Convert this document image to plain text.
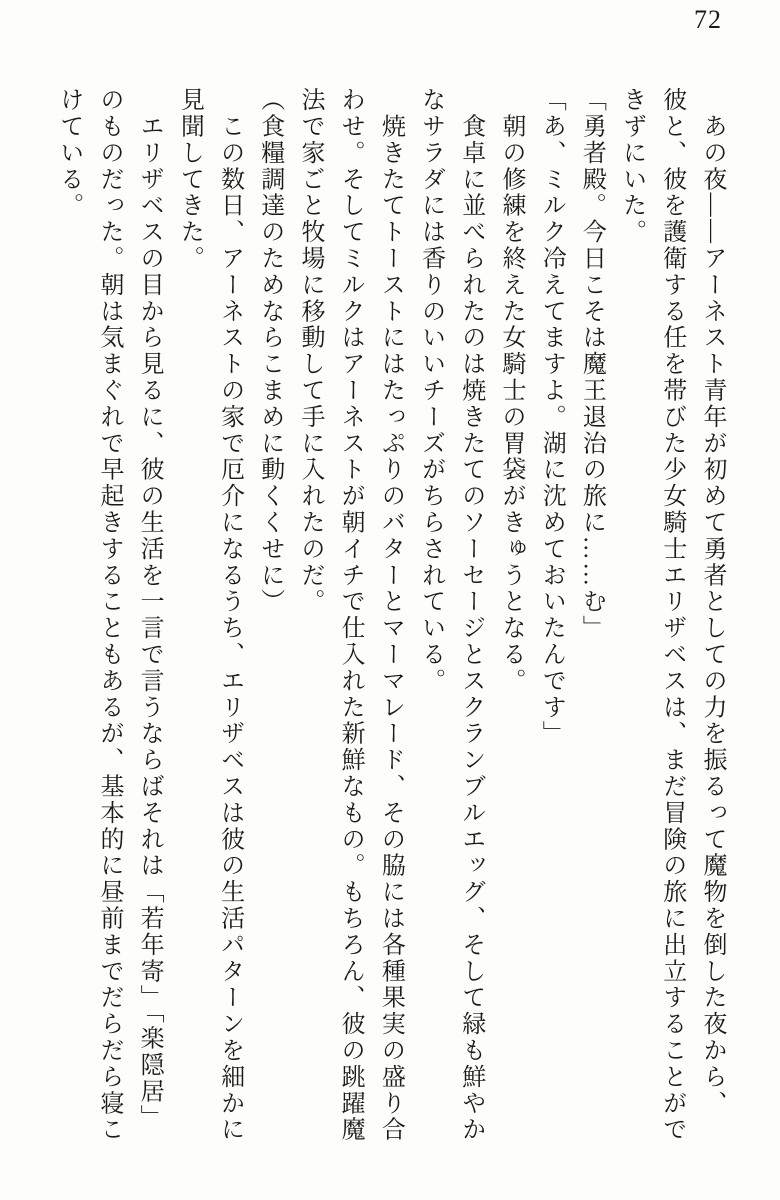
72
　あの夜――アーネスト青年が初めて勇者としての力を振るって魔物を倒した夜から、
彼と、彼を護衛する任を帯びた少女騎士エリザベスは、まだ冒険の旅に出立することがで
きずにいた。
「勇者殿。今日こそは魔王退治の旅に……む」
「あ、ミルク冷えてますよ。湖に沈めておいたんです」
　朝の修練を終えた女騎士の胃袋がきゅうとなる。
　食卓に並べられたのは焼きたてのソーセージとスクランブルエッグ、そして緑も鮮やか
なサラダには香りのいいチーズがちらされている。
　焼きたてトーストにはたっぷりのバターとマーマレード、その脇には各種果実の盛り合
わせ。そしてミルクはアーネストが朝イチで仕入れた新鮮なもの。もちろん、彼の跳躍魔
法で家ごと牧場に移動して手に入れたのだ。
（食糧調達のためならこまめに動くくせに）
　この数日、アーネストの家で厄介になるうち、エリザベスは彼の生活パターンを細かに
見聞してきた。
　エリザベスの目から見るに、彼の生活を一言で言うならばそれは「若年寄」「楽隠居」
のものだった。朝は気まぐれで早起きすることもあるが、基本的に昼前までだらだら寝こ
けている。
